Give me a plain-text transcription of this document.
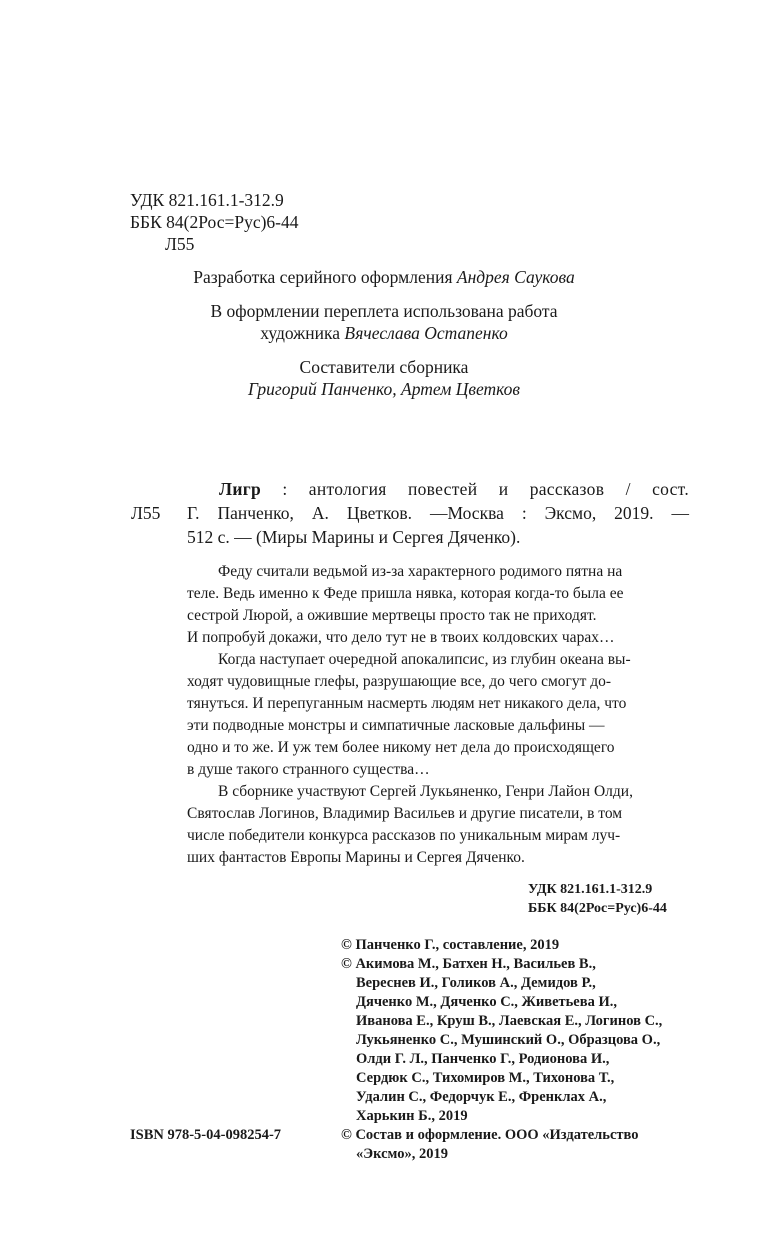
УДК 821.161.1-312.9
ББК 84(2Рос=Рус)6-44
Л55
Разработка серийного оформления Андрея Саукова
В оформлении переплета использована работа
художника Вячеслава Остапенко
Составители сборника
Григорий Панченко, Артем Цветков
Лигр : антология повестей и рассказов / сост.
Л55 Г. Панченко, А. Цветков. —Москва : Эксмо, 2019. —
512 с. — (Миры Марины и Сергея Дяченко).
Феду считали ведьмой из-за характерного родимого пятна на
теле. Ведь именно к Феде пришла нявка, которая когда-то была ее
сестрой Люрой, а ожившие мертвецы просто так не приходят.
И попробуй докажи, что дело тут не в твоих колдовских чарах…
Когда наступает очередной апокалипсис, из глубин океана вы-
ходят чудовищные глефы, разрушающие все, до чего смогут до-
тянуться. И перепуганным насмерть людям нет никакого дела, что
эти подводные монстры и симпатичные ласковые дальфины —
одно и то же. И уж тем более никому нет дела до происходящего
в душе такого странного существа…
В сборнике участвуют Сергей Лукьяненко, Генри Лайон Олди,
Святослав Логинов, Владимир Васильев и другие писатели, в том
числе победители конкурса рассказов по уникальным мирам луч-
ших фантастов Европы Марины и Сергея Дяченко.
УДК 821.161.1-312.9
ББК 84(2Рос=Рус)6-44
© Панченко Г., составление, 2019
© Акимова М., Батхен Н., Васильев В.,
Вереснев И., Голиков А., Демидов Р.,
Дяченко М., Дяченко С., Живетьева И.,
Иванова Е., Круш В., Лаевская Е., Логинов С.,
Лукьяненко С., Мушинский О., Образцова О.,
Олди Г. Л., Панченко Г., Родионова И.,
Сердюк С., Тихомиров М., Тихонова Т.,
Удалин С., Федорчук Е., Френклах А.,
Харькин Б., 2019
© Состав и оформление. ООО «Издательство
«Эксмо», 2019
ISBN 978-5-04-098254-7
